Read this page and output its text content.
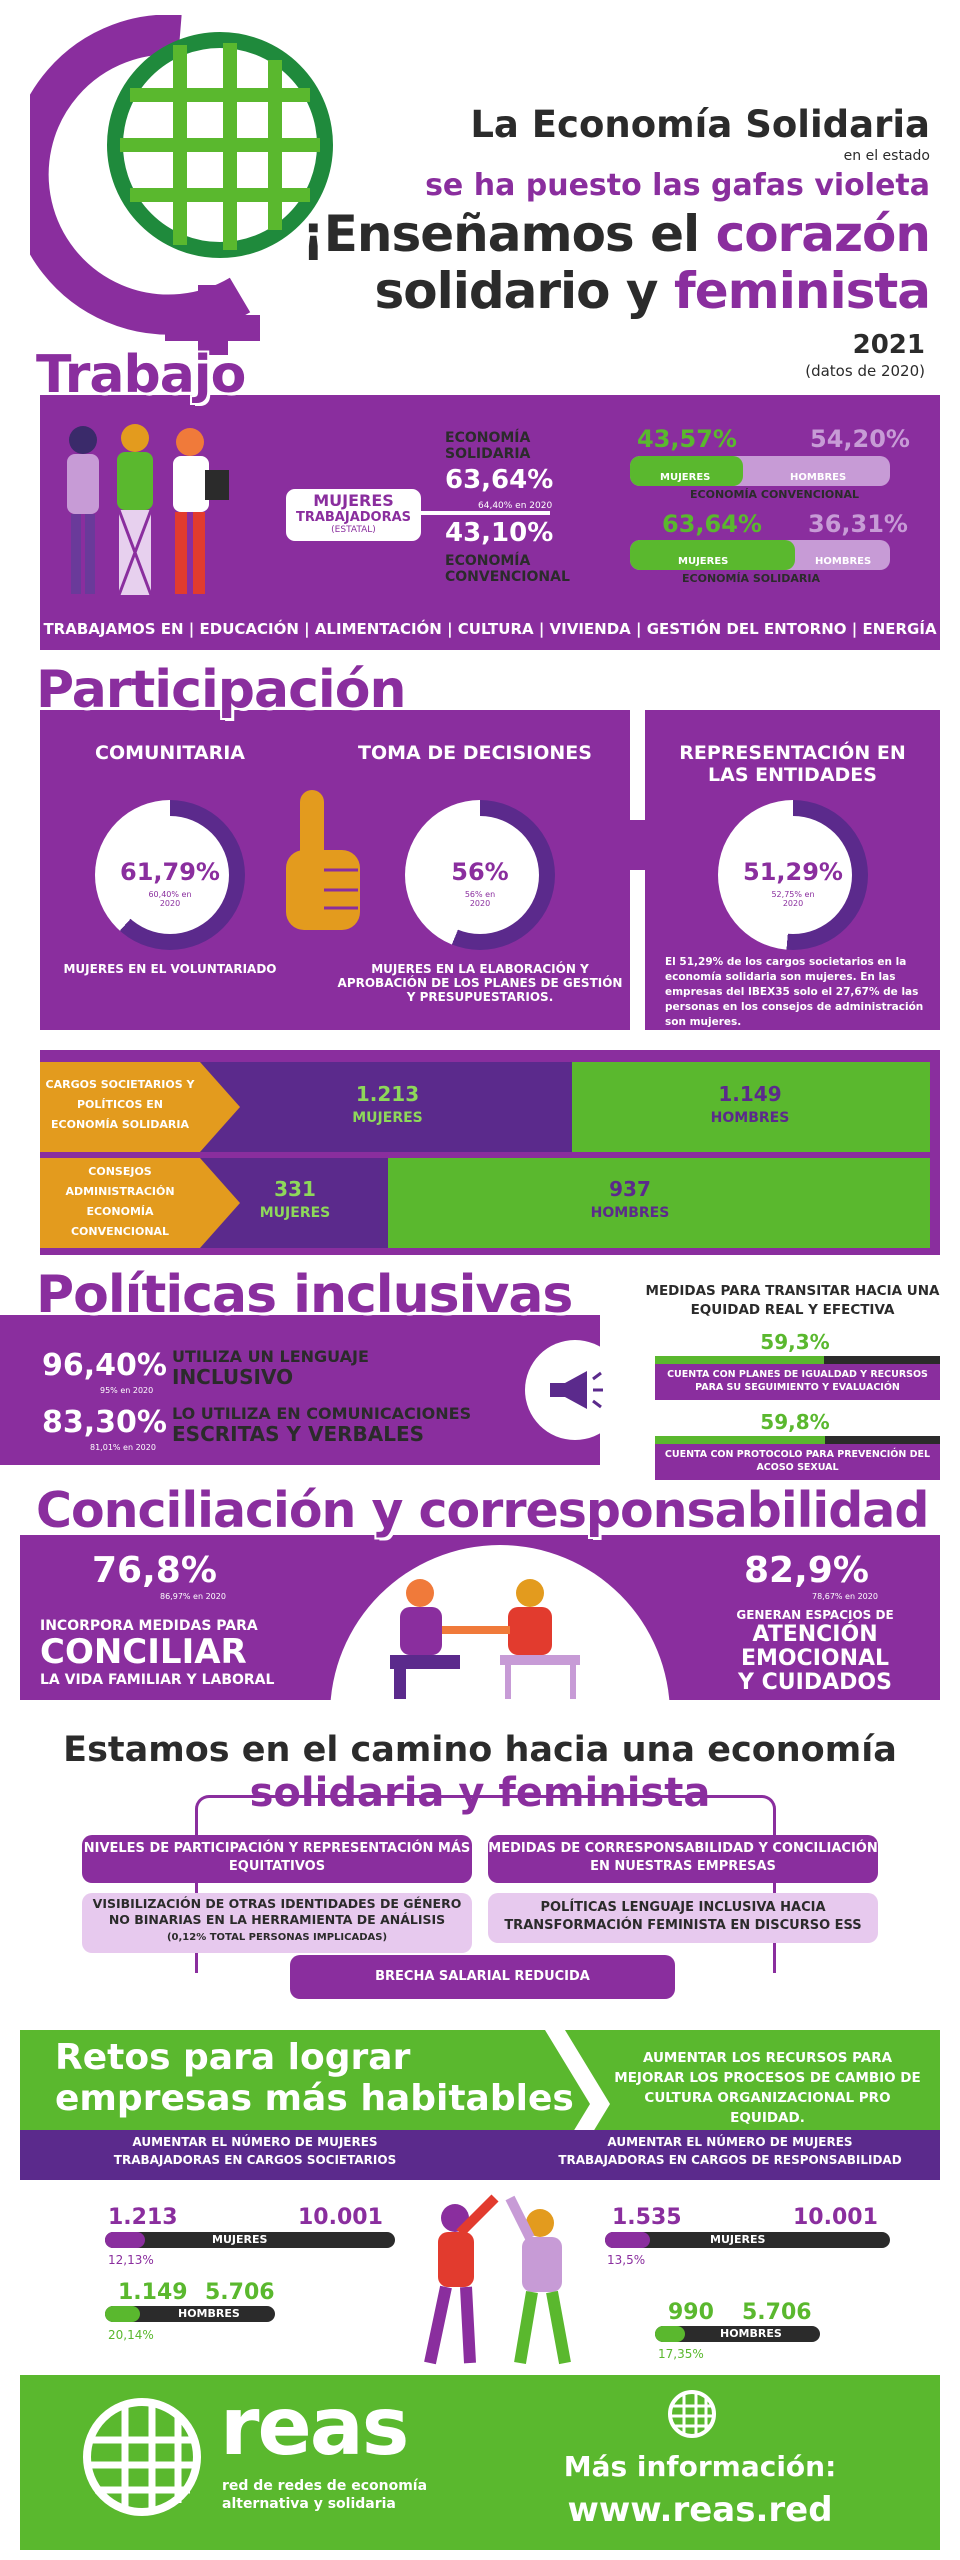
La Economía Solidaria
en el estado
se ha puesto las gafas violeta
¡Enseñamos el corazón
solidario y feminista
2021
(datos de 2020)
Trabajo
MUJERES
TRABAJADORAS
(ESTATAL)
ECONOMÍA SOLIDARIA
63,64%
64,40% en 2020
43,10%
ECONOMÍA CONVENCIONAL
43,57%	54,20%
MUJERES	HOMBRES
ECONOMÍA CONVENCIONAL
63,64% 36,31%
MUJERES	HOMBRES
ECONOMÍA SOLIDARIA
TRABAJAMOS EN | EDUCACIÓN | ALIMENTACIÓN | CULTURA | VIVIENDA | GESTIÓN DEL ENTORNO | ENERGÍA
Participación
COMUNITARIA
61,79%
60,40% en 2020
MUJERES EN EL VOLUNTARIADO
TOMA DE DECISIONES
56%
56% en 2020
MUJERES EN LA ELABORACIÓN Y APROBACIÓN DE LOS PLANES DE GESTIÓN Y PRESUPUESTARIOS.
REPRESENTACIÓN EN LAS ENTIDADES
51,29%
52,75% en 2020
El 51,29% de los cargos societarios en la economía solidaria son mujeres. En las empresas del IBEX35 solo el 27,67% de las personas en los consejos de administración son mujeres.
CARGOS SOCIETARIOS Y POLÍTICOS EN ECONOMÍA SOLIDARIA
1.213
MUJERES
1.149
HOMBRES
CONSEJOS ADMINISTRACIÓN ECONOMÍA CONVENCIONAL
331
MUJERES
937
HOMBRES
Políticas inclusivas
96,40%
95% en 2020
UTILIZA UN LENGUAJE
INCLUSIVO
83,30%
81,01% en 2020
LO UTILIZA EN COMUNICACIONES
ESCRITAS Y VERBALES
MEDIDAS PARA TRANSITAR HACIA UNA EQUIDAD REAL Y EFECTIVA
59,3%
CUENTA CON PLANES DE IGUALDAD Y RECURSOS PARA SU SEGUIMIENTO Y EVALUACIÓN
59,8%
CUENTA CON PROTOCOLO PARA PREVENCIÓN DEL ACOSO SEXUAL
Conciliación y corresponsabilidad
76,8%
86,97% en 2020
INCORPORA MEDIDAS PARA
CONCILIAR
LA VIDA FAMILIAR Y LABORAL
82,9%
78,67% en 2020
GENERAN ESPACIOS DE
ATENCIÓN
EMOCIONAL
Y CUIDADOS
Estamos en el camino hacia una economía
solidaria y feminista
NIVELES DE PARTICIPACIÓN Y REPRESENTACIÓN MÁS EQUITATIVOS
MEDIDAS DE CORRESPONSABILIDAD Y CONCILIACIÓN EN NUESTRAS EMPRESAS
VISIBILIZACIÓN DE OTRAS IDENTIDADES DE GÉNERO NO BINARIAS EN LA HERRAMIENTA DE ANÁLISIS
(0,12% TOTAL PERSONAS IMPLICADAS)
POLÍTICAS LENGUAJE INCLUSIVA HACIA TRANSFORMACIÓN FEMINISTA EN DISCURSO ESS
BRECHA SALARIAL REDUCIDA
Retos para lograr
empresas más habitables
AUMENTAR LOS RECURSOS PARA MEJORAR LOS PROCESOS DE CAMBIO DE CULTURA ORGANIZACIONAL PRO EQUIDAD.
AUMENTAR EL NÚMERO DE MUJERES TRABAJADORAS EN CARGOS SOCIETARIOS
AUMENTAR EL NÚMERO DE MUJERES TRABAJADORAS EN CARGOS DE RESPONSABILIDAD
1.213	10.001
MUJERES
12,13%
1.149 5.706
HOMBRES
20,14%
1.535	10.001
MUJERES
13,5%
990 5.706
HOMBRES
17,35%
reas
red de redes de economía
alternativa y solidaria
Más información:
www.reas.red
